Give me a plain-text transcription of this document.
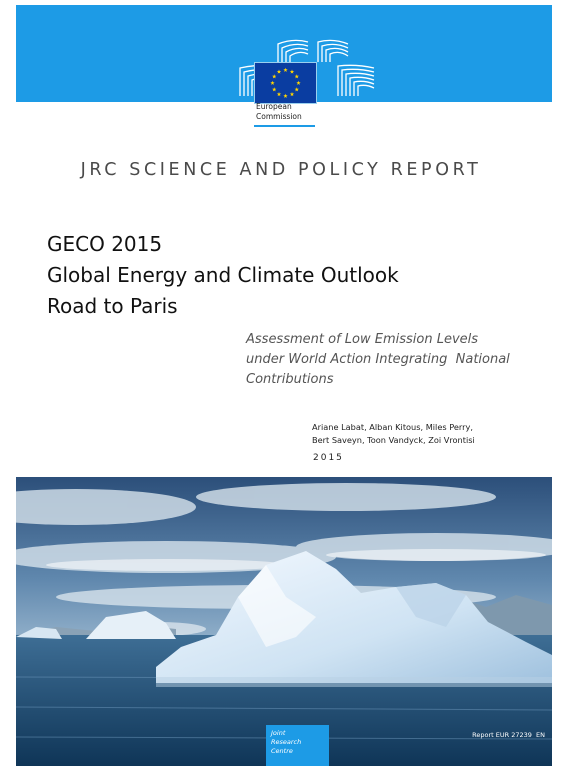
European
Commission
JRC SCIENCE AND POLICY REPORT
GECO 2015
Global Energy and Climate Outlook
Road to Paris
Assessment of Low Emission Levels
under World Action Integrating  National
Contributions
Ariane Labat, Alban Kitous, Miles Perry,
Bert Saveyn, Toon Vandyck, Zoi Vrontisi
2015
Joint
Research
Centre
Report EUR 27239  EN
